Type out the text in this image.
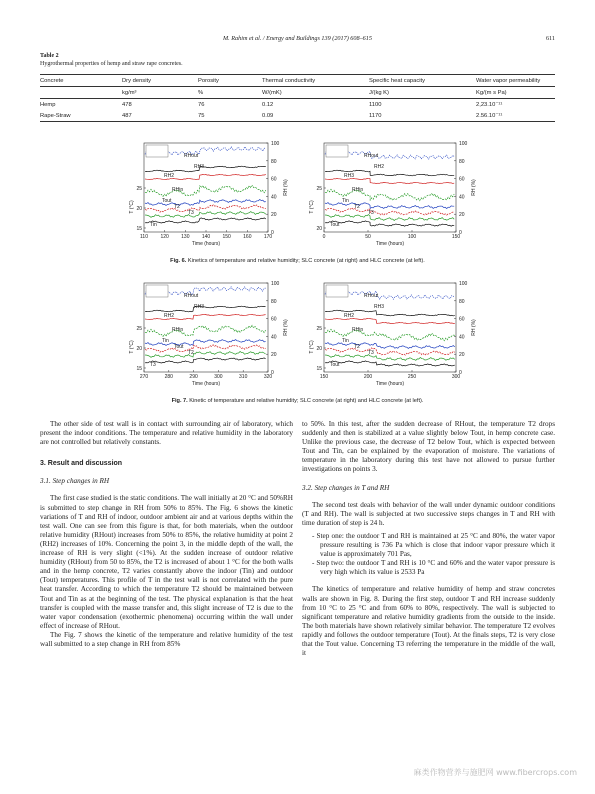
M. Rahim et al. / Energy and Buildings 139 (2017) 608–615	611
Table 2
Hygrothermal properties of hemp and straw rape concretes.
Concrete	Dry density	Porosity	Thermal conductivity	Specific heat capacity	Water vapor permeability
	kg/m³	%	W/(mK)	J/(kg K)	Kg/(m s Pa)
Hemp	478	76	0.12	1100	2,23.10⁻¹¹
Rape-Straw	487	75	0.09	1170	2.56.10⁻¹¹
110	120 130 140 150 160 170
Time (hours)
0
20
40
60
80
100
RH (%)
15
20
25
T (°C)
RHout
RH3
RH2
RHin
Tout
T2
T3
Tin
0	50	100	150
Time (hours)
0
20
40
60
80
100
RH (%)
20
25
T (°C)
RHout
RH2
RH3
RHin
Tin
T2
T3
Tout
Fig. 6. Kinetics of temperature and relative humidity; SLC concrete (at right) and HLC concrete (at left).
270	280	290	300	310	320
Time (hours)
0
20
40
60
80
100
RH (%)
15
20
25
T (°C)
RHout
RH3
RH2
RHin
Tin
Tout
T2
T3
150	200	250	300
Time (hours)
0
20
40
60
80
100
RH (%)
15
20
25
T (°C)
RHout
RH3
RH2
RHin
Tin
T2
T3
Tout
Fig. 7. Kinetic of temperature and relative humidity; SLC concrete (at right) and HLC concrete (at left).

The other side of test wall is in contact with surrounding air of laboratory, which present the indoor conditions. The temperature and relative humidity in the laboratory are not controlled but relatively constants.

3. Result and discussion

3.1. Step changes in RH

The first case studied is the static conditions. The wall initially at 20 °C and 50%RH is submitted to step change in RH from 50% to 85%. The Fig. 6 shows the kinetic variations of T and RH of indoor, outdoor ambient air and at various depths within the test wall. One can see from this figure is that, for both materials, when the outdoor relative humidity (RHout) increases from 50% to 85%, the relative humidity at point 2 (RH2) increases of 10%. Concerning the point 3, in the middle depth of the wall, the increase of RH is very slight (<1%). At the sudden increase of outdoor relative humidity (RHout) from 50 to 85%, the T2 is increased of about 1 °C for the both walls and in the hemp concrete, T2 varies constantly above the indoor (Tin) and outdoor (Tout) temperatures. This profile of T in the test wall is not correlated with the pure heat transfer. According to which the temperature T2 should be maintained between Tout and Tin as at the beginning of the test. The physical explanation is that the heat transfer is coupled with the masse transfer and, this slight increase of T2 is due to the water vapor condensation (exothermic phenomena) occurring within the wall under effect of increase of RHout.

The Fig. 7 shows the kinetic of the temperature and relative humidity of the test wall submitted to a step change in RH from 85%

to 50%. In this test, after the sudden decrease of RHout, the temperature T2 drops suddenly and then is stabilized at a value slightly below Tout, in hemp concrete case. Unlike the previous case, the decrease of T2 below Tout, which is expected between Tout and Tin, can be explained by the evaporation of moisture. The variations of temperature in the laboratory during this test have not allowed to pursue further investigations on points 3.

3.2. Step changes in T and RH

The second test deals with behavior of the wall under dynamic outdoor conditions (T and RH). The wall is subjected at two successive steps changes in T and RH with time duration of step is 24 h.

- Step one: the outdoor T and RH is maintained at 25 °C and 80%, the water vapor pressure resulting is 736 Pa which is close that indoor vapor pressure which it value is approximately 701 Pas,
- Step two: the outdoor T and RH is 10 °C and 60% and the water vapor pressure is very high which its value is 2533 Pa

The kinetics of temperature and relative humidity of hemp and straw concretes walls are shown in Fig. 8. During the first step, outdoor T and RH increase suddenly from 10 °C to 25 °C and from 60% to 80%, respectively. The wall is subjected to significant temperature and relative humidity gradients from the outside to the inside. The both materials have shown relatively similar behavior. The temperature T2 evolves rapidly and follows the outdoor temperature (Tout). At the finals steps, T2 is very close that the Tout value. Concerning T3 referring the temperature in the middle of the wall, it

麻类作物营养与施肥网 www.fibercrops.com
